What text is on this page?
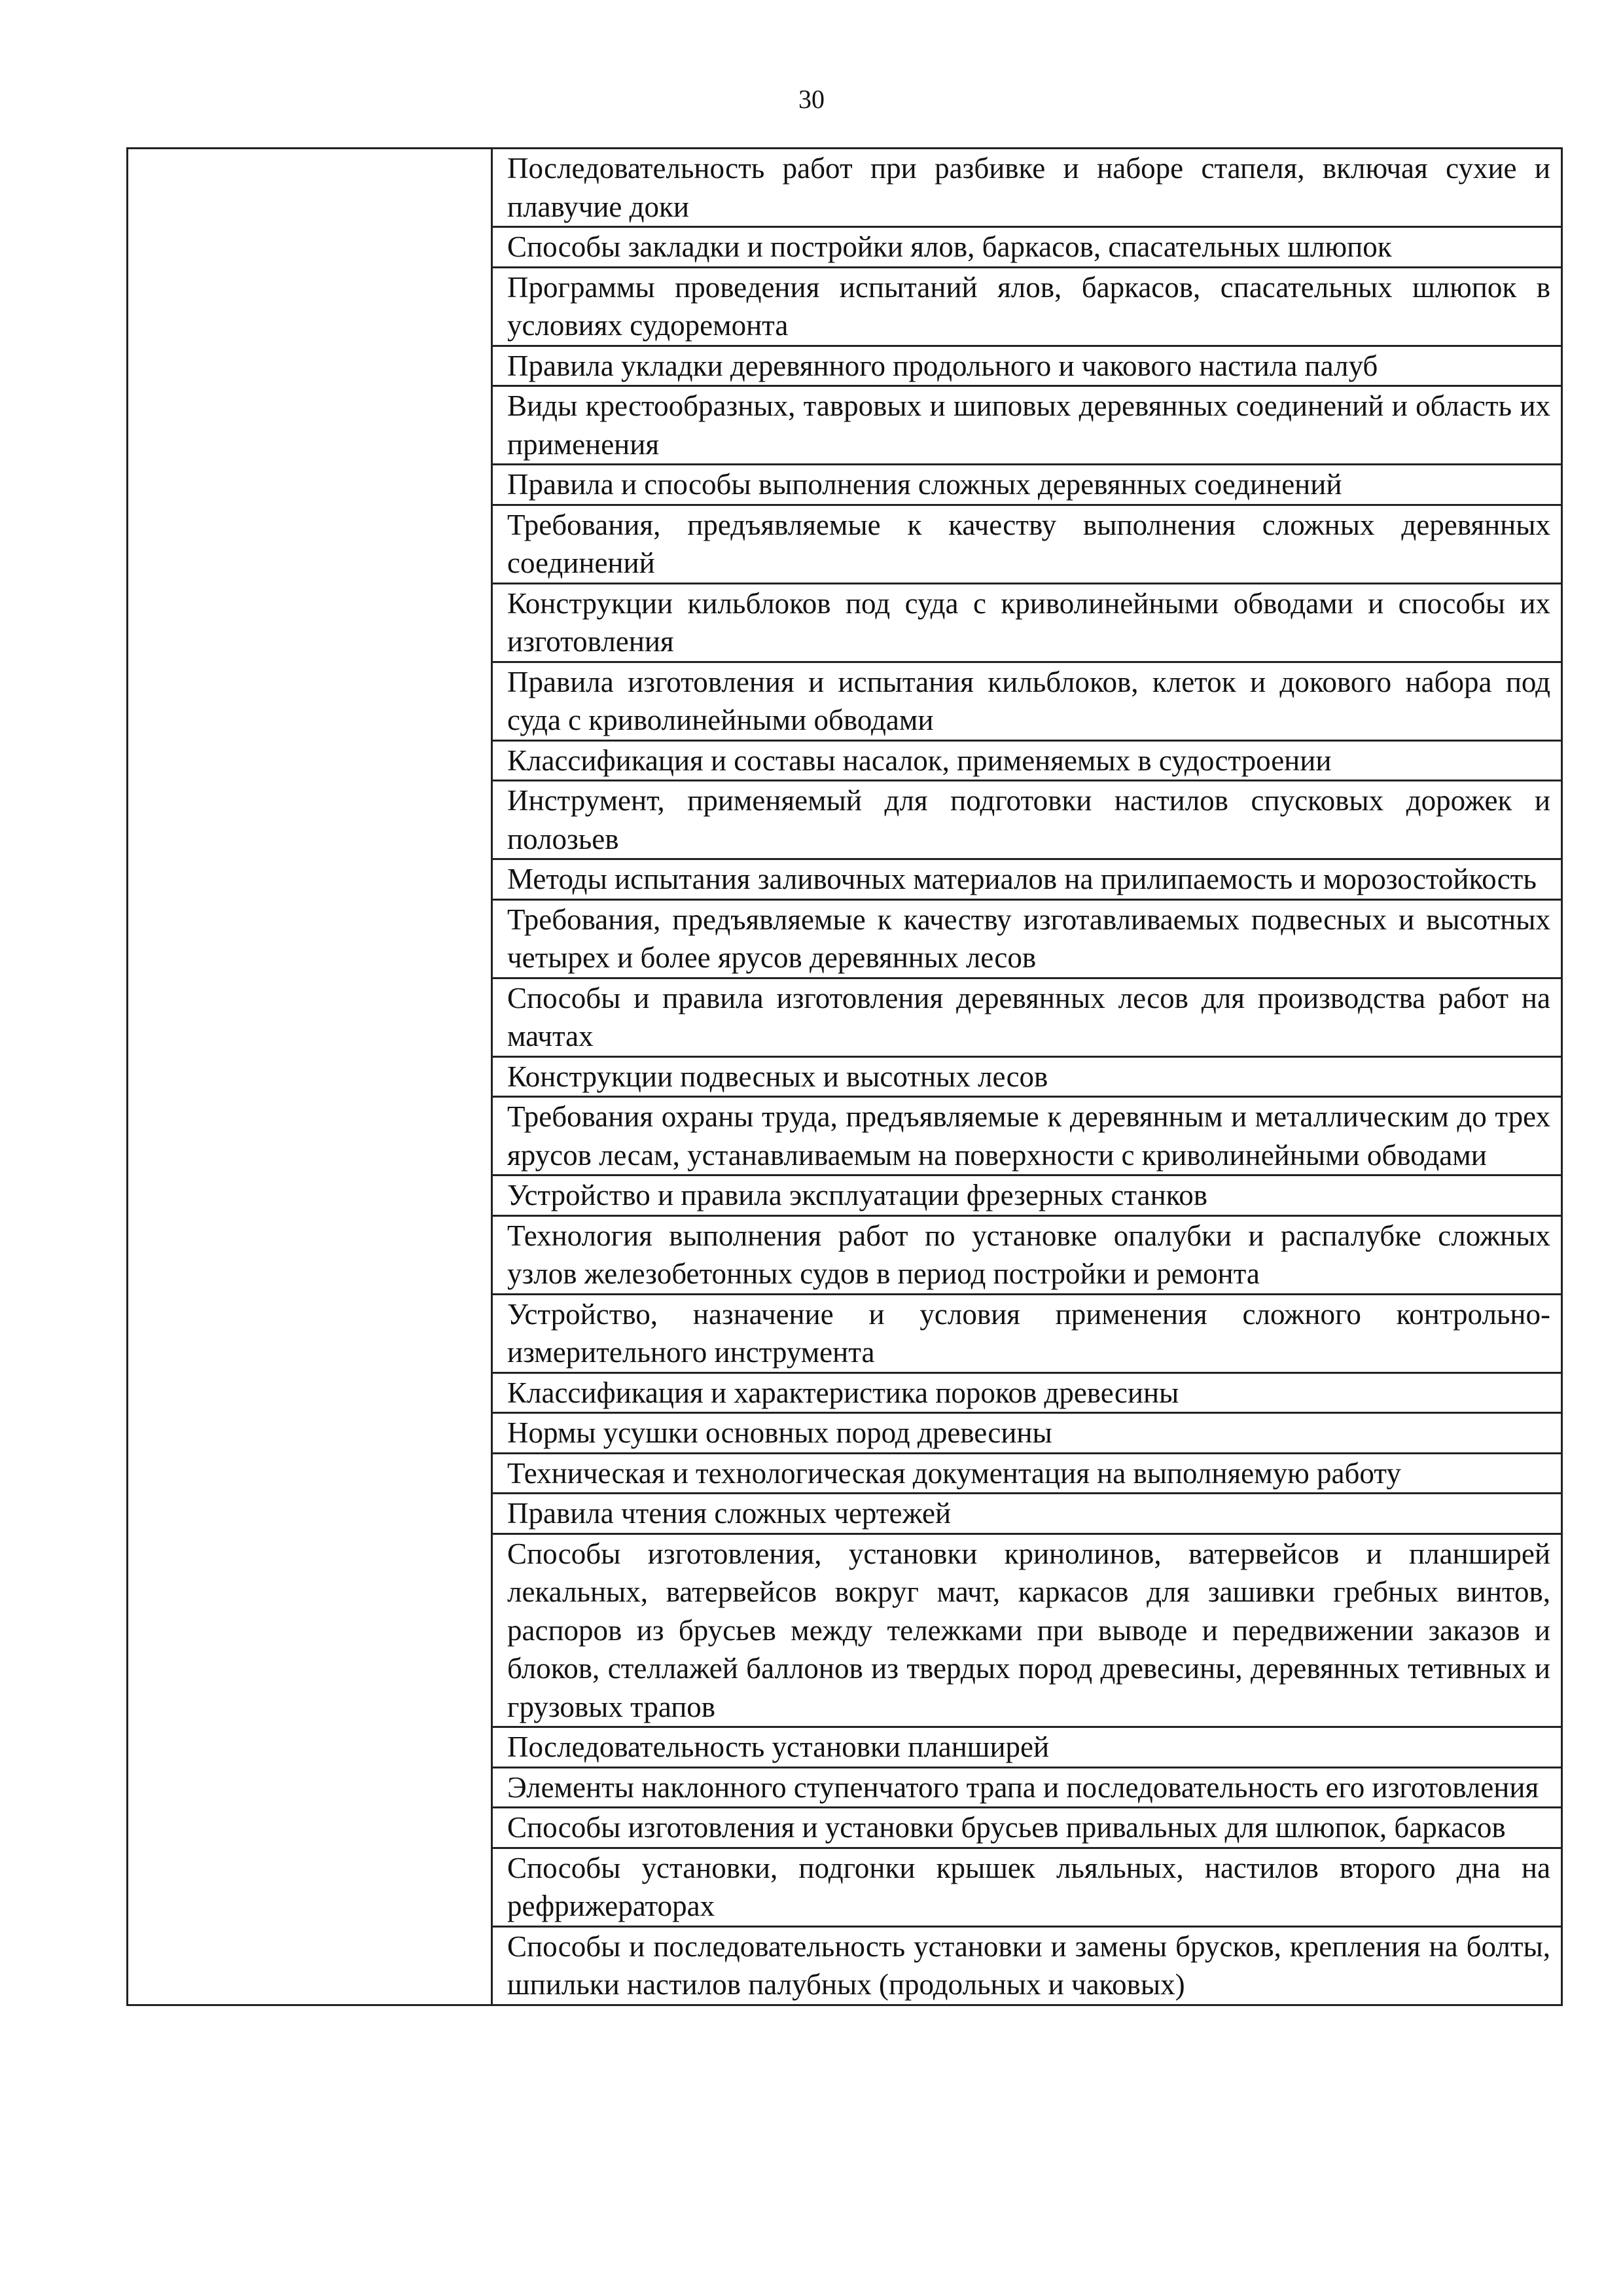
30
	Последовательность работ при разбивке и наборе стапеля, включая сухие и плавучие доки
Способы закладки и постройки ялов, баркасов, спасательных шлюпок
Программы проведения испытаний ялов, баркасов, спасательных шлюпок в условиях судоремонта
Правила укладки деревянного продольного и чакового настила палуб
Виды крестообразных, тавровых и шиповых деревянных соединений и область их применения
Правила и способы выполнения сложных деревянных соединений
Требования, предъявляемые к качеству выполнения сложных деревянных соединений
Конструкции кильблоков под суда с криволинейными обводами и способы их изготовления
Правила изготовления и испытания кильблоков, клеток и докового набора под суда с криволинейными обводами
Классификация и составы насалок, применяемых в судостроении
Инструмент, применяемый для подготовки настилов спусковых дорожек и полозьев
Методы испытания заливочных материалов на прилипаемость и морозостойкость
Требования, предъявляемые к качеству изготавливаемых подвесных и высотных четырех и более ярусов деревянных лесов
Способы и правила изготовления деревянных лесов для производства работ на мачтах
Конструкции подвесных и высотных лесов
Требования охраны труда, предъявляемые к деревянным и металлическим до трех ярусов лесам, устанавливаемым на поверхности с криволинейными обводами
Устройство и правила эксплуатации фрезерных станков
Технология выполнения работ по установке опалубки и распалубке сложных узлов железобетонных судов в период постройки и ремонта
Устройство, назначение и условия применения сложного контрольно-измерительного инструмента
Классификация и характеристика пороков древесины
Нормы усушки основных пород древесины
Техническая и технологическая документация на выполняемую работу
Правила чтения сложных чертежей
Способы изготовления, установки кринолинов, ватервейсов и планширей лекальных, ватервейсов вокруг мачт, каркасов для зашивки гребных винтов, распоров из брусьев между тележками при выводе и передвижении заказов и блоков, стеллажей баллонов из твердых пород древесины, деревянных тетивных и грузовых трапов
Последовательность установки планширей
Элементы наклонного ступенчатого трапа и последовательность его изготовления
Способы изготовления и установки брусьев привальных для шлюпок, баркасов
Способы установки, подгонки крышек льяльных, настилов второго дна на рефрижераторах
Способы и последовательность установки и замены брусков, крепления на болты, шпильки настилов палубных (продольных и чаковых)
